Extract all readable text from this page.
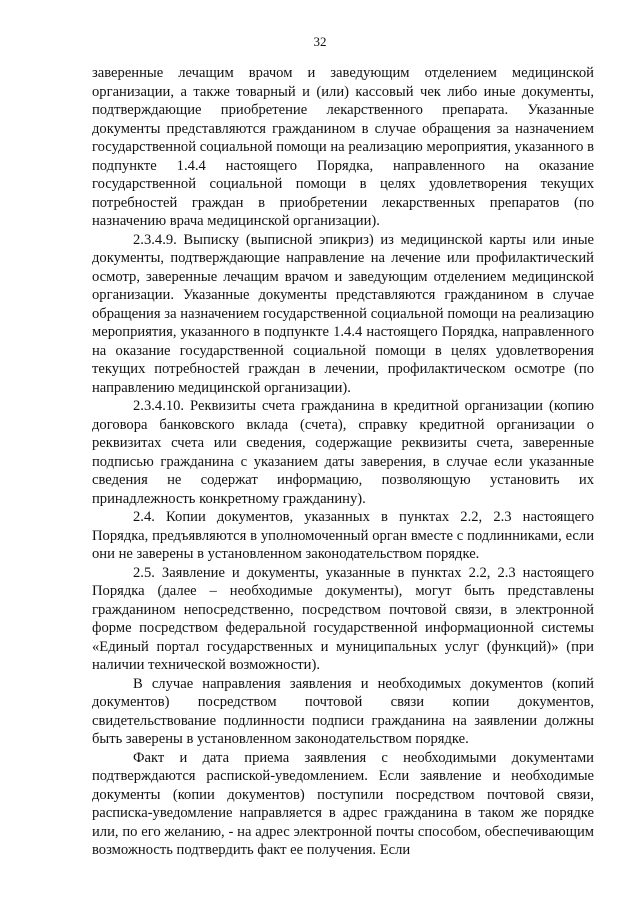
32

заверенные лечащим врачом и заведующим отделением медицинской организации, а также товарный и (или) кассовый чек либо иные документы, подтверждающие приобретение лекарственного препарата. Указанные документы представляются гражданином в случае обращения за назначением государственной социальной помощи на реализацию мероприятия, указанного в подпункте 1.4.4 настоящего Порядка, направленного на оказание государственной социальной помощи в целях удовлетворения текущих потребностей граждан в приобретении лекарственных препаратов (по назначению врача медицинской организации).

2.3.4.9. Выписку (выписной эпикриз) из медицинской карты или иные документы, подтверждающие направление на лечение или профилактический осмотр, заверенные лечащим врачом и заведующим отделением медицинской организации. Указанные документы представляются гражданином в случае обращения за назначением государственной социальной помощи на реализацию мероприятия, указанного в подпункте 1.4.4 настоящего Порядка, направленного на оказание государственной социальной помощи в целях удовлетворения текущих потребностей граждан в лечении, профилактическом осмотре (по направлению медицинской организации).

2.3.4.10. Реквизиты счета гражданина в кредитной организации (копию договора банковского вклада (счета), справку кредитной организации о реквизитах счета или сведения, содержащие реквизиты счета, заверенные подписью гражданина с указанием даты заверения, в случае если указанные сведения не содержат информацию, позволяющую установить их принадлежность конкретному гражданину).

2.4. Копии документов, указанных в пунктах 2.2, 2.3 настоящего Порядка, предъявляются в уполномоченный орган вместе с подлинниками, если они не заверены в установленном законодательством порядке.

2.5. Заявление и документы, указанные в пунктах 2.2, 2.3 настоящего Порядка (далее – необходимые документы), могут быть представлены гражданином непосредственно, посредством почтовой связи, в электронной форме посредством федеральной государственной информационной системы «Единый портал государственных и муниципальных услуг (функций)» (при наличии технической возможности).

В случае направления заявления и необходимых документов (копий документов) посредством почтовой связи копии документов, свидетельствование подлинности подписи гражданина на заявлении должны быть заверены в установленном законодательством порядке.

Факт и дата приема заявления с необходимыми документами подтверждаются распиской-уведомлением. Если заявление и необходимые документы (копии документов) поступили посредством почтовой связи, расписка-уведомление направляется в адрес гражданина в таком же порядке или, по его желанию, - на адрес электронной почты способом, обеспечивающим возможность подтвердить факт ее получения. Если
